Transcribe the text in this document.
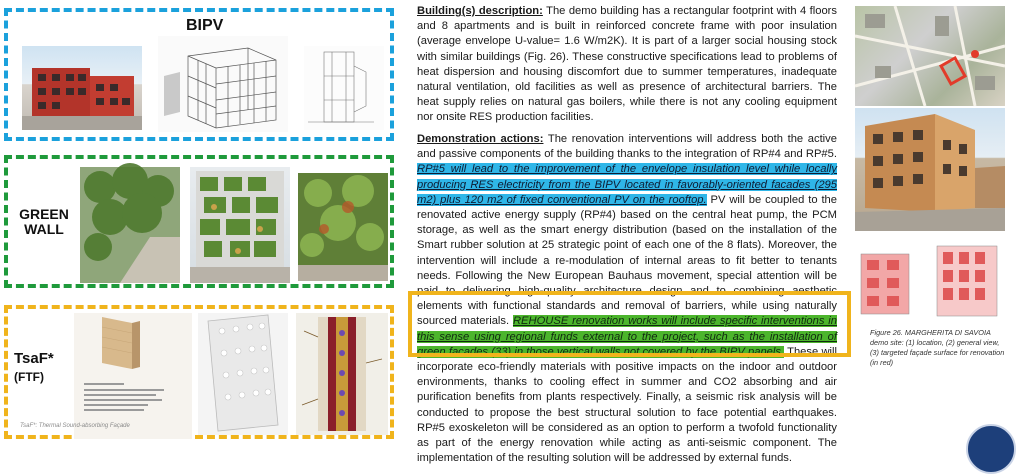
BIPV
GREEN WALL
TsaF*
(FTF)
TsaF*: Thermal Sound-absorbing Façade

Building(s) description: The demo building has a rectangular footprint with 4 floors and 8 apartments and is built in reinforced concrete frame with poor insulation (average envelope U-value= 1.6 W/m2K). It is part of a larger social housing stock with similar buildings (Fig. 26). These constructive specifications lead to problems of heat dispersion and housing discomfort due to summer temperatures, inadequate natural ventilation, old facilities as well as presence of architectural barriers. The heat supply relies on natural gas boilers, while there is not any cooling equipment nor onsite RES production facilities.

Demonstration actions: The renovation interventions will address both the active and passive components of the building thanks to the integration of RP#4 and RP#5. RP#5 will lead to the improvement of the envelope insulation level while locally producing RES electricity from the BIPV located in favorably-oriented facades (295 m2) plus 120 m2 of fixed conventional PV on the rooftop. PV will be coupled to the renovated active energy supply (RP#4) based on the central heat pump, the PCM storage, as well as the smart energy distribution (based on the installation of the Smart rubber solution at 25 strategic point of each one of the 8 flats). Moreover, the intervention will include a re-modulation of internal areas to fit better to tenants needs. Following the New European Bauhaus movement, special attention will be paid to delivering high-quality architecture design and to combining aesthetic elements with functional standards and removal of barriers, while using naturally sourced materials. REHOUSE renovation works will include specific interventions in this sense using regional funds external to the project, such as the installation of green facades (33) in those vertical walls not covered by the BIPV panels. These will incorporate eco-friendly materials with positive impacts on the indoor and outdoor environments, thanks to cooling effect in summer and CO2 absorbing and air purification benefits from plants respectively. Finally, a seismic risk analysis will be conducted to propose the best structural solution to face potential earthquakes. RP#5 exoskeleton will be considered as an option to perform a twofold functionality as part of the energy renovation while acting as anti-seismic component. The implementation of the resulting solution will be addressed by external funds.

Figure 26. MARGHERITA DI SAVOIA demo site: (1) location, (2) general view, (3) targeted façade surface for renovation (in red)
